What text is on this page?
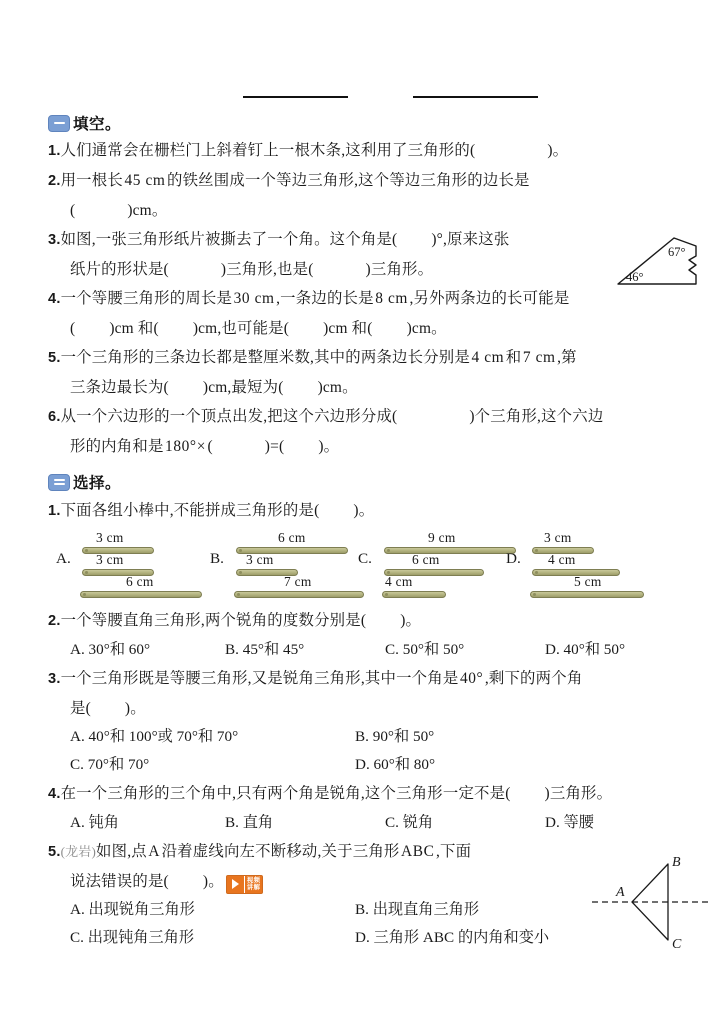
填空。
1.人们通常会在栅栏门上斜着钉上一根木条,这利用了三角形的(	)。
2.用一根长45 cm的铁丝围成一个等边三角形,这个等边三角形的边长是
(	)cm。
3.如图,一张三角形纸片被撕去了一个角。这个角是( )°,原来这张
纸片的形状是(	)三角形,也是(	)三角形。
4.一个等腰三角形的周长是30 cm,一条边的长是8 cm,另外两条边的长可能是
( )cm 和( )cm,也可能是( )cm 和( )cm。
5.一个三角形的三条边长都是整厘米数,其中的两条边长分别是4 cm和7 cm,第
三条边最长为( )cm,最短为( )cm。
6.从一个六边形的一个顶点出发,把这个六边形分成(	)个三角形,这个六边
形的内角和是180°×(	)=( )。
67°
46°
选择。
1.下面各组小棒中,不能拼成三角形的是( )。
A.
3 cm
3 cm
6 cm
B.
6 cm
3 cm
7 cm
C.
9 cm
6 cm
4 cm
D.
3 cm
4 cm
5 cm
2.一个等腰直角三角形,两个锐角的度数分别是( )。
A. 30°和 60°	B. 45°和 45°	C. 50°和 50°	D. 40°和 50°
3.一个三角形既是等腰三角形,又是锐角三角形,其中一个角是40°,剩下的两个角
是( )。
A. 40°和 100°或 70°和 70°	B. 90°和 50°
C. 70°和 70°	D. 60°和 80°
4.在一个三角形的三个角中,只有两个角是锐角,这个三角形一定不是( )三角形。
A. 钝角	B. 直角	C. 锐角	D. 等腰
5.(龙岩)如图,点A沿着虚线向左不断移动,关于三角形ABC,下面
说法错误的是( )。	视频
讲解
A. 出现锐角三角形	B. 出现直角三角形
C. 出现钝角三角形	D. 三角形 ABC 的内角和变小
A
B
C
